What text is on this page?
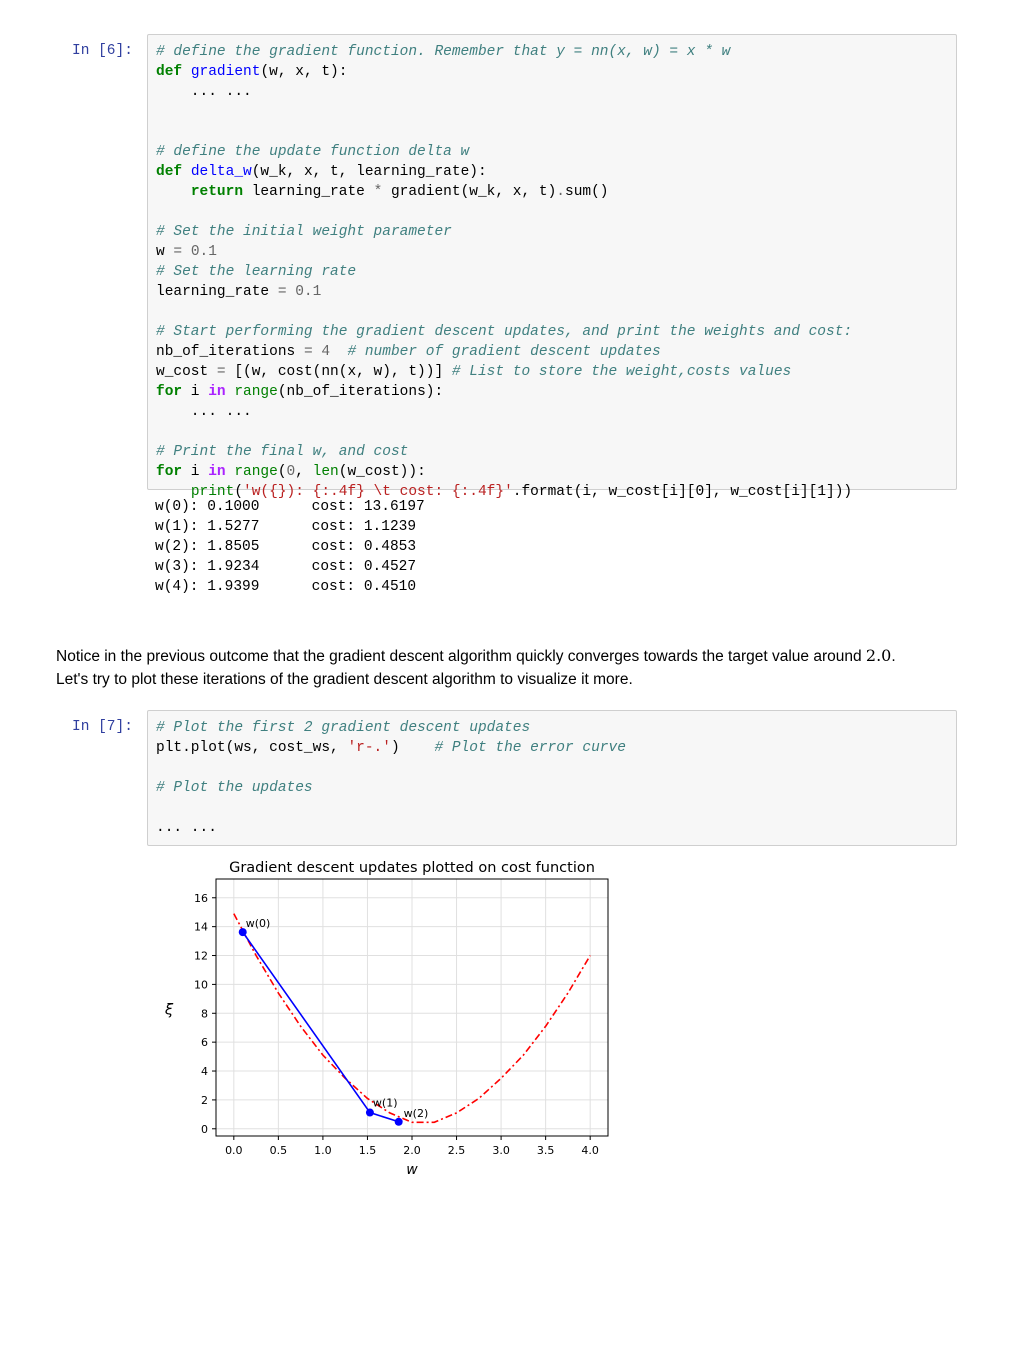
In [6]: # define the gradient function. Remember that y = nn(x, w) = x * w
def gradient(w, x, t):
... ...
# define the update function delta w
def delta_w(w_k, x, t, learning_rate):
return learning_rate * gradient(w_k, x, t).sum()
# Set the initial weight parameter
w = 0.1
# Set the learning rate
learning_rate = 0.1
# Start performing the gradient descent updates, and print the weights and cost:
nb_of_iterations = 4 # number of gradient descent updates
w_cost = [(w, cost(nn(x, w), t))] # List to store the weight,costs values
for i in range(nb_of_iterations):
... ...
# Print the final w, and cost
for i in range(0, len(w_cost)):
print('w({}): {:.4f} \t cost: {:.4f}'.format(i, w_cost[i][0], w_cost[i][1]))
w(0): 0.1000      cost: 13.6197
w(1): 1.5277      cost: 1.1239
w(2): 1.8505      cost: 0.4853
w(3): 1.9234      cost: 0.4527
w(4): 1.9399      cost: 0.4510

Notice in the previous outcome that the gradient descent algorithm quickly converges towards the target value around 2.0.

Let's try to plot these iterations of the gradient descent algorithm to visualize it more.

In [7]: # Plot the first 2 gradient descent updates
plt.plot(ws, cost_ws, 'r-.')    # Plot the error curve
# Plot the updates
... ...
w(0)
w(1)
w(2)
0.0 0.5 1.0 1.5 2.0 2.5 3.0 3.5 4.0
0
2
4
6
8
10
12
14
16
Gradient descent updates plotted on cost function
w
ξ
